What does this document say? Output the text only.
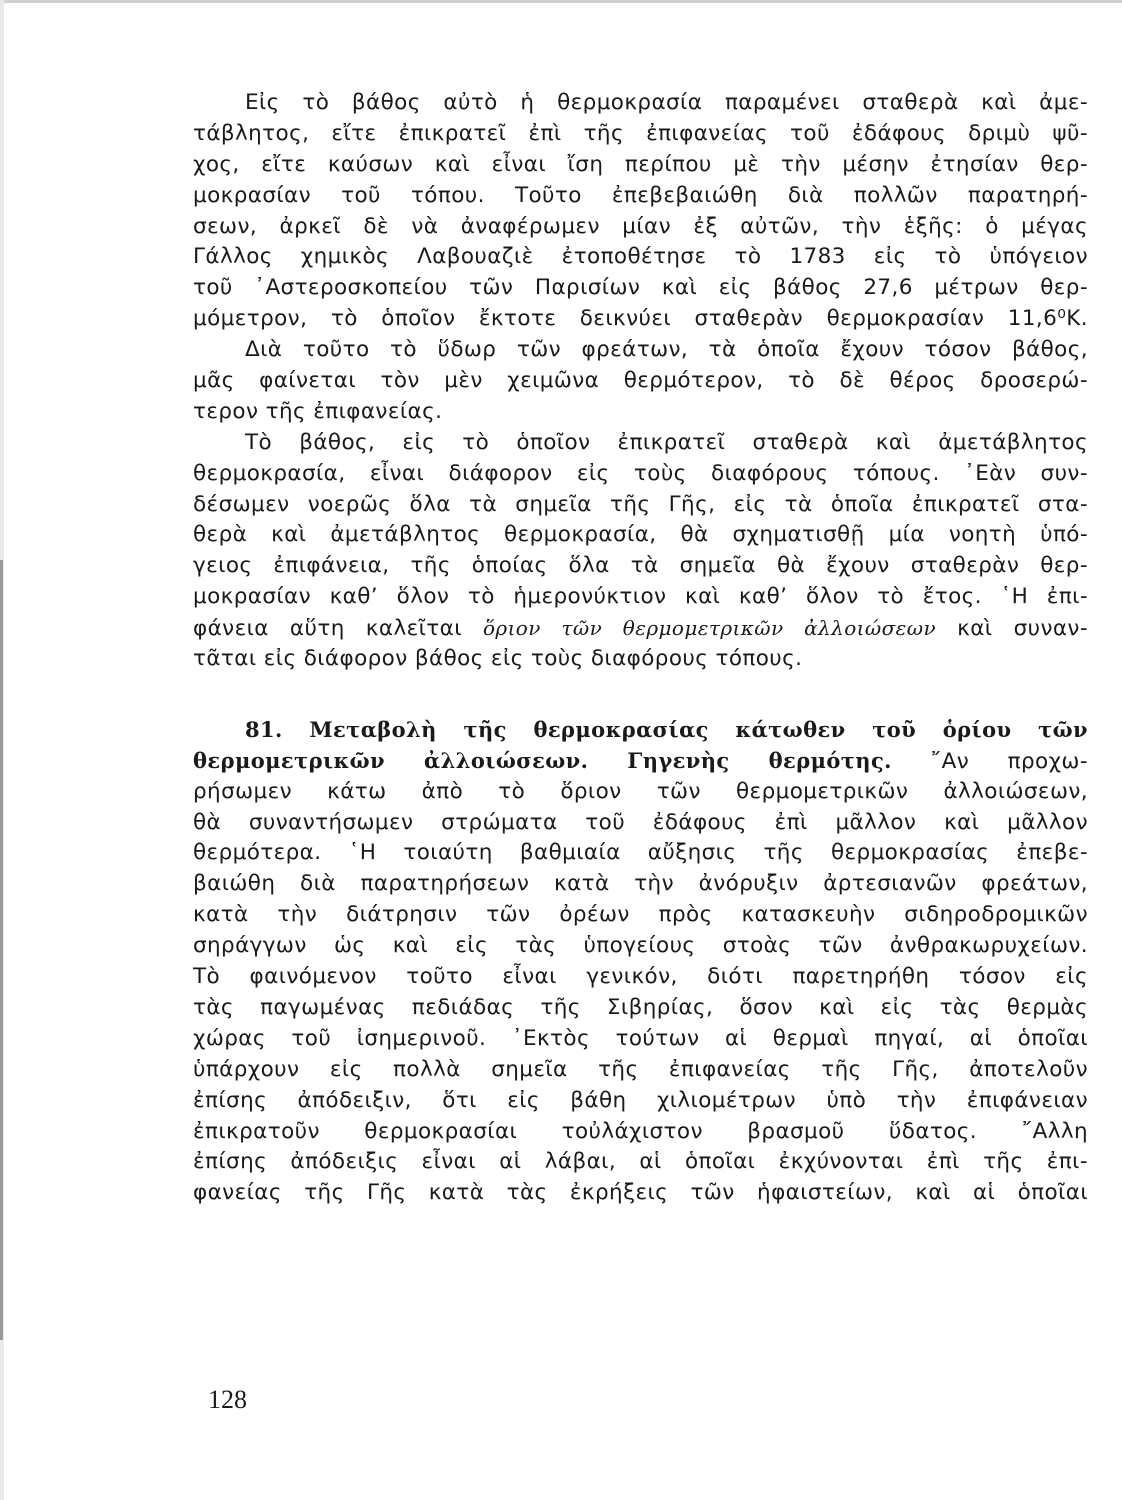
Εἰς τὸ βάθος αὐτὸ ἡ θερμοκρασία παραμένει σταθερὰ καὶ ἀμε-
τάβλητος, εἴτε ἐπικρατεῖ ἐπὶ τῆς ἐπιφανείας τοῦ ἐδάφους δριμὺ ψῦ-
χος, εἴτε καύσων καὶ εἶναι ἴση περίπου μὲ τὴν μέσην ἐτησίαν θερ-
μοκρασίαν τοῦ τόπου. Τοῦτο ἐπεβεβαιώθη διὰ πολλῶν παρατηρή-
σεων, ἀρκεῖ δὲ νὰ ἀναφέρωμεν μίαν ἐξ αὐτῶν, τὴν ἑξῆς: ὁ μέγας
Γάλλος χημικὸς Λαβουαζιὲ ἐτοποθέτησε τὸ 1783 εἰς τὸ ὑπόγειον
τοῦ ᾿Αστεροσκοπείου τῶν Παρισίων καὶ εἰς βάθος 27,6 μέτρων θερ-
μόμετρον, τὸ ὁποῖον ἔκτοτε δεικνύει σταθερὰν θερμοκρασίαν 11,6⁰Κ.
Διὰ τοῦτο τὸ ὕδωρ τῶν φρεάτων, τὰ ὁποῖα ἔχουν τόσον βάθος,
μᾶς φαίνεται τὸν μὲν χειμῶνα θερμότερον, τὸ δὲ θέρος δροσερώ-
τερον τῆς ἐπιφανείας.
Τὸ βάθος, εἰς τὸ ὁποῖον ἐπικρατεῖ σταθερὰ καὶ ἀμετάβλητος
θερμοκρασία, εἶναι διάφορον εἰς τοὺς διαφόρους τόπους. ᾿Εὰν συν-
δέσωμεν νοερῶς ὅλα τὰ σημεῖα τῆς Γῆς, εἰς τὰ ὁποῖα ἐπικρατεῖ στα-
θερὰ καὶ ἀμετάβλητος θερμοκρασία, θὰ σχηματισθῇ μία νοητὴ ὑπό-
γειος ἐπιφάνεια, τῆς ὁποίας ὅλα τὰ σημεῖα θὰ ἔχουν σταθερὰν θερ-
μοκρασίαν καθ’ ὅλον τὸ ἡμερονύκτιον καὶ καθ’ ὅλον τὸ ἔτος. ῾Η ἐπι-
φάνεια αὕτη καλεῖται ὅριον τῶν θερμομετρικῶν ἀλλοιώσεων καὶ συναν-
τᾶται εἰς διάφορον βάθος εἰς τοὺς διαφόρους τόπους.
81. Μεταβολὴ τῆς θερμοκρασίας κάτωθεν τοῦ ὁρίου τῶν
θερμομετρικῶν ἀλλοιώσεων. Γηγενὴς θερμότης. ῎Αν προχω-
ρήσωμεν κάτω ἀπὸ τὸ ὅριον τῶν θερμομετρικῶν ἀλλοιώσεων,
θὰ συναντήσωμεν στρώματα τοῦ ἐδάφους ἐπὶ μᾶλλον καὶ μᾶλλον
θερμότερα. ῾Η τοιαύτη βαθμιαία αὔξησις τῆς θερμοκρασίας ἐπεβε-
βαιώθη διὰ παρατηρήσεων κατὰ τὴν ἀνόρυξιν ἀρτεσιανῶν φρεάτων,
κατὰ τὴν διάτρησιν τῶν ὀρέων πρὸς κατασκευὴν σιδηροδρομικῶν
σηράγγων ὡς καὶ εἰς τὰς ὑπογείους στοὰς τῶν ἀνθρακωρυχείων.
Τὸ φαινόμενον τοῦτο εἶναι γενικόν, διότι παρετηρήθη τόσον εἰς
τὰς παγωμένας πεδιάδας τῆς Σιβηρίας, ὅσον καὶ εἰς τὰς θερμὰς
χώρας τοῦ ἰσημερινοῦ. ᾿Εκτὸς τούτων αἱ θερμαὶ πηγαί, αἱ ὁποῖαι
ὑπάρχουν εἰς πολλὰ σημεῖα τῆς ἐπιφανείας τῆς Γῆς, ἀποτελοῦν
ἐπίσης ἀπόδειξιν, ὅτι εἰς βάθη χιλιομέτρων ὑπὸ τὴν ἐπιφάνειαν
ἐπικρατοῦν θερμοκρασίαι τοὐλάχιστον βρασμοῦ ὕδατος. ῎Αλλη
ἐπίσης ἀπόδειξις εἶναι αἱ λάβαι, αἱ ὁποῖαι ἐκχύνονται ἐπὶ τῆς ἐπι-
φανείας τῆς Γῆς κατὰ τὰς ἐκρήξεις τῶν ἡφαιστείων, καὶ αἱ ὁποῖαι
128
